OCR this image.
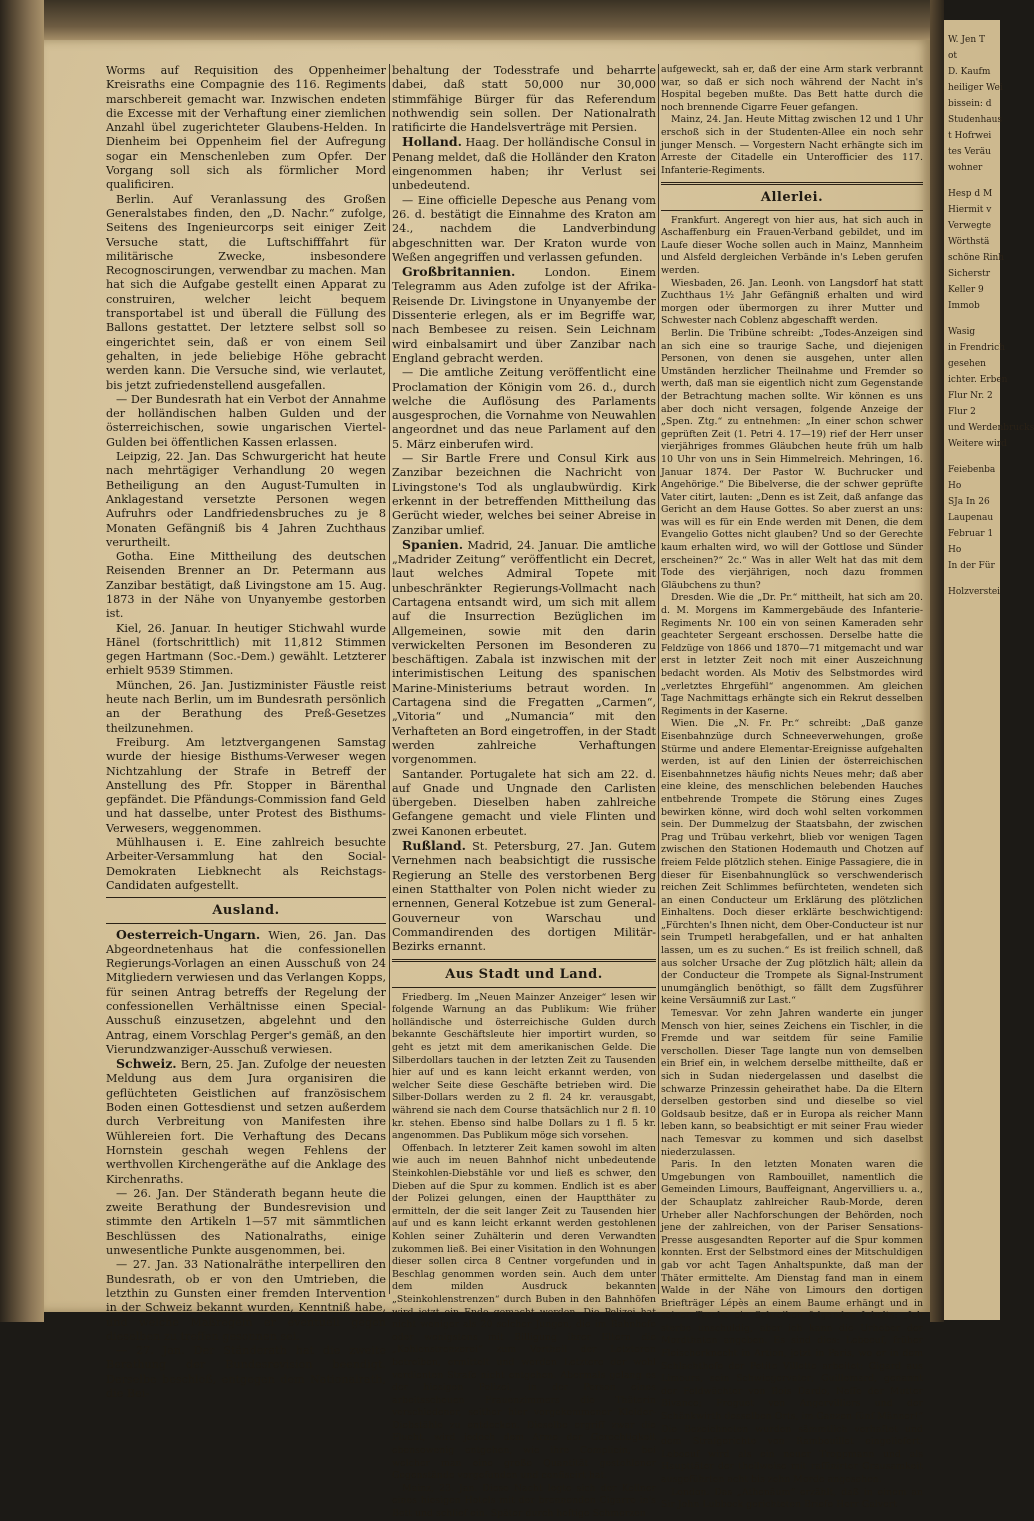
W. Jen T
ot
D. Kaufm
heiliger Wei
bissein: d
Studenhaus
t Hofrwei
tes Veräu
wohner
Hesp d M
Hiermit v
Verwegte
Wörthstä
schöne Rinh
Sicherstr
Keller 9
Immob
Wasig
in Frendrich
gesehen
ichter. Erben
Flur Nr. 2
Flur 2
und Werdenbrucks
Weitere wird
Feiebenba
Ho
SJa In 26
Laupenau
Februar 1
Ho
In der Für
Holzverstei

Worms auf Requisition des Oppenheimer Kreisraths eine Compagnie des 116. Regiments marschbereit gemacht war. Inzwischen endeten die Excesse mit der Verhaftung einer ziemlichen Anzahl übel zugerichteter Glaubens-Helden. In Dienheim bei Oppenheim fiel der Aufregung sogar ein Menschenleben zum Opfer. Der Vorgang soll sich als förmlicher Mord qualificiren.

Berlin. Auf Veranlassung des Großen Generalstabes finden, den „D. Nachr.“ zufolge, Seitens des Ingenieurcorps seit einiger Zeit Versuche statt, die Luftschifffahrt für militärische Zwecke, insbesondere Recognoscirungen, verwendbar zu machen. Man hat sich die Aufgabe gestellt einen Apparat zu construiren, welcher leicht bequem transportabel ist und überall die Füllung des Ballons gestattet. Der letztere selbst soll so eingerichtet sein, daß er von einem Seil gehalten, in jede beliebige Höhe gebracht werden kann. Die Versuche sind, wie verlautet, bis jetzt zufriedenstellend ausgefallen.

— Der Bundesrath hat ein Verbot der Annahme der holländischen halben Gulden und der österreichischen, sowie ungarischen Viertel-Gulden bei öffentlichen Kassen erlassen.

Leipzig, 22. Jan. Das Schwurgericht hat heute nach mehrtägiger Verhandlung 20 wegen Betheiligung an den August-Tumulten in Anklagestand versetzte Personen wegen Aufruhrs oder Landfriedensbruches zu je 8 Monaten Gefängniß bis 4 Jahren Zuchthaus verurtheilt.

Gotha. Eine Mittheilung des deutschen Reisenden Brenner an Dr. Petermann aus Zanzibar bestätigt, daß Livingstone am 15. Aug. 1873 in der Nähe von Unyanyembe gestorben ist.

Kiel, 26. Januar. In heutiger Stichwahl wurde Hänel (fortschrittlich) mit 11,812 Stimmen gegen Hartmann (Soc.-Dem.) gewählt. Letzterer erhielt 9539 Stimmen.

München, 26. Jan. Justizminister Fäustle reist heute nach Berlin, um im Bundesrath persönlich an der Berathung des Preß-Gesetzes theilzunehmen.

Freiburg. Am letztvergangenen Samstag wurde der hiesige Bisthums-Verweser wegen Nichtzahlung der Strafe in Betreff der Anstellung des Pfr. Stopper in Bärenthal gepfändet. Die Pfändungs-Commission fand Geld und hat dasselbe, unter Protest des Bisthums-Verwesers, weggenommen.

Mühlhausen i. E. Eine zahlreich besuchte Arbeiter-Versammlung hat den Social-Demokraten Liebknecht als Reichstags-Candidaten aufgestellt.

Ausland.

Oesterreich-Ungarn. Wien, 26. Jan. Das Abgeordnetenhaus hat die confessionellen Regierungs-Vorlagen an einen Ausschuß von 24 Mitgliedern verwiesen und das Verlangen Kopps, für seinen Antrag betreffs der Regelung der confessionellen Verhältnisse einen Special-Ausschuß einzusetzen, abgelehnt und den Antrag, einem Vorschlag Perger's gemäß, an den Vierundzwanziger-Ausschuß verwiesen.

Schweiz. Bern, 25. Jan. Zufolge der neuesten Meldung aus dem Jura organisiren die geflüchteten Geistlichen auf französischem Boden einen Gottesdienst und setzen außerdem durch Verbreitung von Manifesten ihre Wühlereien fort. Die Verhaftung des Decans Hornstein geschah wegen Fehlens der werthvollen Kirchengeräthe auf die Anklage des Kirchenraths.

— 26. Jan. Der Ständerath begann heute die zweite Berathung der Bundesrevision und stimmte den Artikeln 1—57 mit sämmtlichen Beschlüssen des Nationalraths, einige unwesentliche Punkte ausgenommen, bei.

— 27. Jan. 33 Nationalräthe interpelliren den Bundesrath, ob er von den Umtrieben, die letzthin zu Gunsten einer fremden Intervention in der Schweiz bekannt wurden, Kenntniß habe, und welche Maßregeln er eventuell gegen dieselben zu treffen gesonnen sei.

— 27. Jan. Der Ständerath hat die zweite Berathung der Bundesrevision beendigt. Derselbe beschloß, entgegen dem Nationalrath, die Bei-

behaltung der Todesstrafe und beharrte dabei, daß statt 50,000 nur 30,000 stimmfähige Bürger für das Referendum nothwendig sein sollen. Der Nationalrath ratificirte die Handelsverträge mit Persien.

Holland. Haag. Der holländische Consul in Penang meldet, daß die Holländer den Kraton eingenommen haben; ihr Verlust sei unbedeutend.

— Eine officielle Depesche aus Penang vom 26. d. bestätigt die Einnahme des Kraton am 24., nachdem die Landverbindung abgeschnitten war. Der Kraton wurde von Weßen angegriffen und verlassen gefunden.

Großbritannien.	London. Einem Telegramm aus Aden zufolge ist der Afrika-Reisende Dr. Livingstone in Unyanyembe der Dissenterie erlegen, als er im Begriffe war, nach Bembesee zu reisen. Sein Leichnam wird einbalsamirt und über Zanzibar nach England gebracht werden.

— Die amtliche Zeitung veröffentlicht eine Proclamation der Königin vom 26. d., durch welche die Auflösung des Parlaments ausgesprochen, die Vornahme von Neuwahlen angeordnet und das neue Parlament auf den 5. März einberufen wird.

— Sir Bartle Frere und Consul Kirk aus Zanzibar bezeichnen die Nachricht von Livingstone's Tod als unglaubwürdig. Kirk erkennt in der betreffenden Mittheilung das Gerücht wieder, welches bei seiner Abreise in Zanzibar umlief.

Spanien. Madrid, 24. Januar. Die amtliche „Madrider Zeitung“ veröffentlicht ein Decret, laut welches Admiral Topete mit unbeschränkter Regierungs-Vollmacht nach Cartagena entsandt wird, um sich mit allem auf die Insurrection Bezüglichen im Allgemeinen, sowie mit den darin verwickelten Personen im Besonderen zu beschäftigen. Zabala ist inzwischen mit der interimistischen Leitung des spanischen Marine-Ministeriums betraut worden. In Cartagena sind die Fregatten „Carmen“, „Vitoria“ und „Numancia“ mit den Verhafteten an Bord eingetroffen, in der Stadt werden zahlreiche Verhaftungen vorgenommen.

Santander. Portugalete hat sich am 22. d. auf Gnade und Ungnade den Carlisten übergeben. Dieselben haben zahlreiche Gefangene gemacht und viele Flinten und zwei Kanonen erbeutet.

Rußland. St. Petersburg, 27. Jan. Gutem Vernehmen nach beabsichtigt die russische Regierung an Stelle des verstorbenen Berg einen Statthalter von Polen nicht wieder zu ernennen, General Kotzebue ist zum General-Gouverneur von Warschau und Commandirenden des dortigen Militär-Bezirks ernannt.

Aus Stadt und Land.

Friedberg. Im „Neuen Mainzer Anzeiger“ lesen wir folgende Warnung an das Publikum: Wie früher holländische und österreichische Gulden durch bekannte Geschäftsleute hier importirt wurden, so geht es jetzt mit dem amerikanischen Gelde. Die Silberdollars tauchen in der letzten Zeit zu Tausenden hier auf und es kann leicht erkannt werden, von welcher Seite diese Geschäfte betrieben wird. Die Silber-Dollars werden zu 2 fl. 24 kr. verausgabt, während sie nach dem Course thatsächlich nur 2 fl. 10 kr. stehen. Ebenso sind halbe Dollars zu 1 fl. 5 kr. angenommen. Das Publikum möge sich vorsehen.

Offenbach. In letzterer Zeit kamen sowohl im alten wie auch im neuen Bahnhof nicht unbedeutende Steinkohlen-Diebstähle vor und ließ es schwer, den Dieben auf die Spur zu kommen. Endlich ist es aber der Polizei gelungen, einen der Hauptthäter zu ermitteln, der die seit langer Zeit zu Tausenden hier auf und es kann leicht erkannt werden gestohlenen Kohlen seiner Zuhälterin und deren Verwandten zukommen ließ. Bei einer Visitation in den Wohnungen dieser sollen circa 8 Centner vorgefunden und in Beschlag genommen worden sein. Auch dem unter dem milden Ausdruck bekannten „Steinkohlenstrenzen“ durch Buben in den Bahnhöfen wird jetzt ein Ende gemacht werden. Die Polizei hat nicht weniger als 20 solcher Jungen, die im Bahnhofe oder wenigstens mit Billigung ihrer Eltern die „Kohlenstrenzerei“ zum Vortheil der Letzteren betreiben, ermittelt und werden Letztere der wohl verdienten Strafe nicht entgehen. Abermals gelang es der hiesigen Polizei, in der Person eines arbeitsscheuen Frauenzimmers die Thäterin verschiedener, seither hier vorgekommener Kleider-Diebstähle zu entdecken. Dieselbe ergriff zwar die Flucht, wird jedoch dem Arme der Gerechtigkeit ebensowenig entgehen, wie ihre Complicin, bei welcher man eine große Quantität gestohlener Gegenstände vorgefunden und confiscirt hat.

Mainz, 23. Jan. Diese Nacht legte sich der Kellner eines hiesigen Hotels mit der brennenden Cigarre in's Bett und schlief ein. Später durch heftige Schmerzen

aufgeweckt, sah er, daß der eine Arm stark verbrannt war, so daß er sich noch während der Nacht in's Hospital begeben mußte. Das Bett hatte durch die noch brennende Cigarre Feuer gefangen.

Mainz, 24. Jan. Heute Mittag zwischen 12 und 1 Uhr erschoß sich in der Studenten-Allee ein noch sehr junger Mensch. — Vorgestern Nacht erhängte sich im Arreste der Citadelle ein Unterofficier des 117. Infanterie-Regiments.

Allerlei.

Frankfurt. Angeregt von hier aus, hat sich auch in Aschaffenburg ein Frauen-Verband gebildet, und im Laufe dieser Woche sollen auch in Mainz, Mannheim und Alsfeld dergleichen Verbände in's Leben gerufen werden.

Wiesbaden, 26. Jan. Leonh. von Langsdorf hat statt Zuchthaus 1½ Jahr Gefängniß erhalten und wird morgen oder übermorgen zu ihrer Mutter und Schwester nach Coblenz abgeschafft werden.

Berlin. Die Tribüne schreibt: „Todes-Anzeigen sind an sich eine so traurige Sache, und diejenigen Personen, von denen sie ausgehen, unter allen Umständen herzlicher Theilnahme und Fremder so werth, daß man sie eigentlich nicht zum Gegenstande der Betrachtung machen sollte. Wir können es uns aber doch nicht versagen, folgende Anzeige der „Spen. Ztg.“ zu entnehmen: „In einer schon schwer geprüften Zeit (1. Petri 4. 17—19) rief der Herr unser vierjähriges frommes Gläubchen heute früh um halb 10 Uhr von uns in Sein Himmelreich. Mehringen, 16. Januar 1874. Der Pastor W. Buchrucker und Angehörige.“ Die Bibelverse, die der schwer geprüfte Vater citirt, lauten: „Denn es ist Zeit, daß anfange das Gericht an dem Hause Gottes. So aber zuerst an uns: was will es für ein Ende werden mit Denen, die dem Evangelio Gottes nicht glauben? Und so der Gerechte kaum erhalten wird, wo will der Gottlose und Sünder erscheinen?“ 2c.“ Was in aller Welt hat das mit dem Tode des vierjährigen, noch dazu frommen Gläubchens zu thun?

Dresden. Wie die „Dr. Pr.“ mittheilt, hat sich am 20. d. M. Morgens im Kammergebäude des Infanterie-Regiments Nr. 100 ein von seinen Kameraden sehr geachteter Sergeant erschossen. Derselbe hatte die Feldzüge von 1866 und 1870—71 mitgemacht und war erst in letzter Zeit noch mit einer Auszeichnung bedacht worden. Als Motiv des Selbstmordes wird „verletztes Ehrgefühl“ angenommen. Am gleichen Tage Nachmittags erhängte sich ein Rekrut desselben Regiments in der Kaserne.

Wien. Die „N. Fr. Pr.“ schreibt: „Daß ganze Eisenbahnzüge durch Schneeverwehungen, große Stürme und andere Elementar-Ereignisse aufgehalten werden, ist auf den Linien der österreichischen Eisenbahnnetzes häufig nichts Neues mehr; daß aber eine kleine, des menschlichen belebenden Hauches entbehrende Trompete die Störung eines Zuges bewirken könne, wird doch wohl selten vorkommen sein. Der Dummelzug der Staatsbahn, der zwischen Prag und Trübau verkehrt, blieb vor wenigen Tagen zwischen den Stationen Hodemauth und Chotzen auf freiem Felde plötzlich stehen. Einige Passagiere, die in dieser für Eisenbahnunglück so verschwenderisch reichen Zeit Schlimmes befürchteten, wendeten sich an einen Conducteur um Erklärung des plötzlichen Einhaltens. Doch dieser erklärte beschwichtigend: „Fürchten's Ihnen nicht, dem Ober-Conducteur ist nur sein Trumpetl herabgefallen, und er hat anhalten lassen, um es zu suchen.“ Es ist freilich schnell, daß aus solcher Ursache der Zug plötzlich hält; allein da der Conducteur die Trompete als Signal-Instrument unumgänglich benöthigt, so fällt dem Zugsführer keine Versäumniß zur Last.“

Temesvar. Vor zehn Jahren wanderte ein junger Mensch von hier, seines Zeichens ein Tischler, in die Fremde und war seitdem für seine Familie verschollen. Dieser Tage langte nun von demselben ein Brief ein, in welchem derselbe mittheilte, daß er sich in Sudan niedergelassen und daselbst die schwarze Prinzessin geheirathet habe. Da die Eltern derselben gestorben sind und dieselbe so viel Goldsaub besitze, daß er in Europa als reicher Mann leben kann, so beabsichtigt er mit seiner Frau wieder nach Temesvar zu kommen und sich daselbst niederzulassen.

Paris. In den letzten Monaten waren die Umgebungen von Rambouillet, namentlich die Gemeinden Limours, Bauffeignant, Angervilliers u. a., der Schauplatz zahlreicher Raub-Morde, deren Urheber aller Nachforschungen der Behörden, noch jene der zahlreichen, von der Pariser Sensations-Presse ausgesandten Reporter auf die Spur kommen konnten. Erst der Selbstmord eines der Mitschuldigen gab vor acht Tagen Anhaltspunkte, daß man der Thäter ermittelte. Am Dienstag fand man in einem Walde in der Nähe von Limours den dortigen Briefträger Lépès an einem Baume erhängt und in seiner Tasche ein Schreiben folgenden Inhalts: „Ich sterbe unschuldig, aber ich kann die Urheber der Mordthaten angeben. Es sind dies: Leboeuf, früher Fleischerknecht in Artion, jetzt in Paris, wo er in dem Schlachthofe der Petite Villette arbeitet; Gigard aus Limours, sein Schwiegervater; Guillemard, genannt der Feldwächter von Bois Dardo, Neffe der Mutter Bivance; Froguet von Angervilliers und der Schänkwirth desselben Orts, im Ganzen fünf Männer!“ Die Bezeichneten wurden sämmtlich verhaftet und dem Strafgerichte von Rambouillet eingeliefert. Leboeuf wird als ein neuer Troppmann und als Haupttäter der theilweise mit raffinirter Grausamkeit ausgeführten acht bis zehn Morde angesehen.

London. Das „Athenäum“ erzählt, daß in einem an Sir John Lubbock gerichteten Briefe Herr Galvert
